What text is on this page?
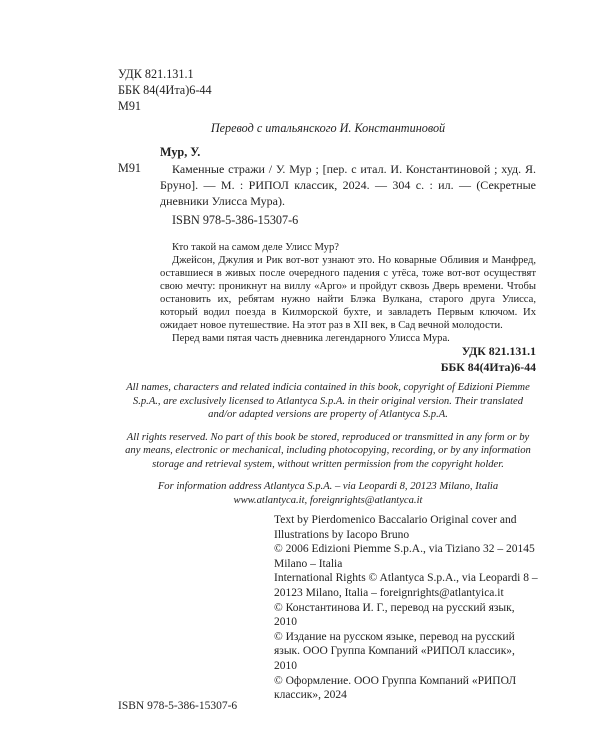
УДК 821.131.1
ББК 84(4Ита)6-44
М91
Перевод с итальянского И. Константиновой
Мур, У.
М91	Каменные стражи / У. Мур ; [пер. с итал. И. Константиновой ; худ. Я. Бруно]. — М. : РИПОЛ классик, 2024. — 304 с. : ил. — (Секретные дневники Улисса Мура).
ISBN 978-5-386-15307-6

Кто такой на самом деле Улисс Мур?

Джейсон, Джулия и Рик вот-вот узнают это. Но коварные Обливия и Манфред, оставшиеся в живых после очередного падения с утёса, тоже вот-вот осуществят свою мечту: проникнут на виллу «Арго» и пройдут сквозь Дверь времени. Чтобы остановить их, ребятам нужно найти Блэка Вулкана, старого друга Улисса, который водил поезда в Килморской бухте, и завладеть Первым ключом. Их ожидает новое путешествие. На этот раз в XII век, в Сад вечной молодости.

Перед вами пятая часть дневника легендарного Улисса Мура.

УДК 821.131.1
ББК 84(4Ита)6-44

All names, characters and related indicia contained in this book, copyright of Edizioni Piemme S.p.A., are exclusively licensed to Atlantyca S.p.A. in their original version. Their translated and/or adapted versions are property of Atlantyca S.p.A.

All rights reserved. No part of this book be stored, reproduced or transmitted in any form or by any means, electronic or mechanical, including photocopying, recording, or by any information storage and retrieval system, without written permission from the copyright holder.

For information address Atlantyca S.p.A. – via Leopardi 8, 20123 Milano, Italia

www.atlantyca.it, foreignrights@atlantyca.it

Text by Pierdomenico Baccalario Original cover and Illustrations by Iacopo Bruno

© 2006 Edizioni Piemme S.p.A., via Tiziano 32 – 20145 Milano – Italia

International Rights © Atlantyca S.p.A., via Leopardi 8 – 20123 Milano, Italia – foreignrights@atlantyica.it

© Константинова И. Г., перевод на русский язык, 2010

© Издание на русском языке, перевод на русский язык. ООО Группа Компаний «РИПОЛ классик», 2010

© Оформление. ООО Группа Компаний «РИПОЛ классик», 2024

ISBN 978-5-386-15307-6
